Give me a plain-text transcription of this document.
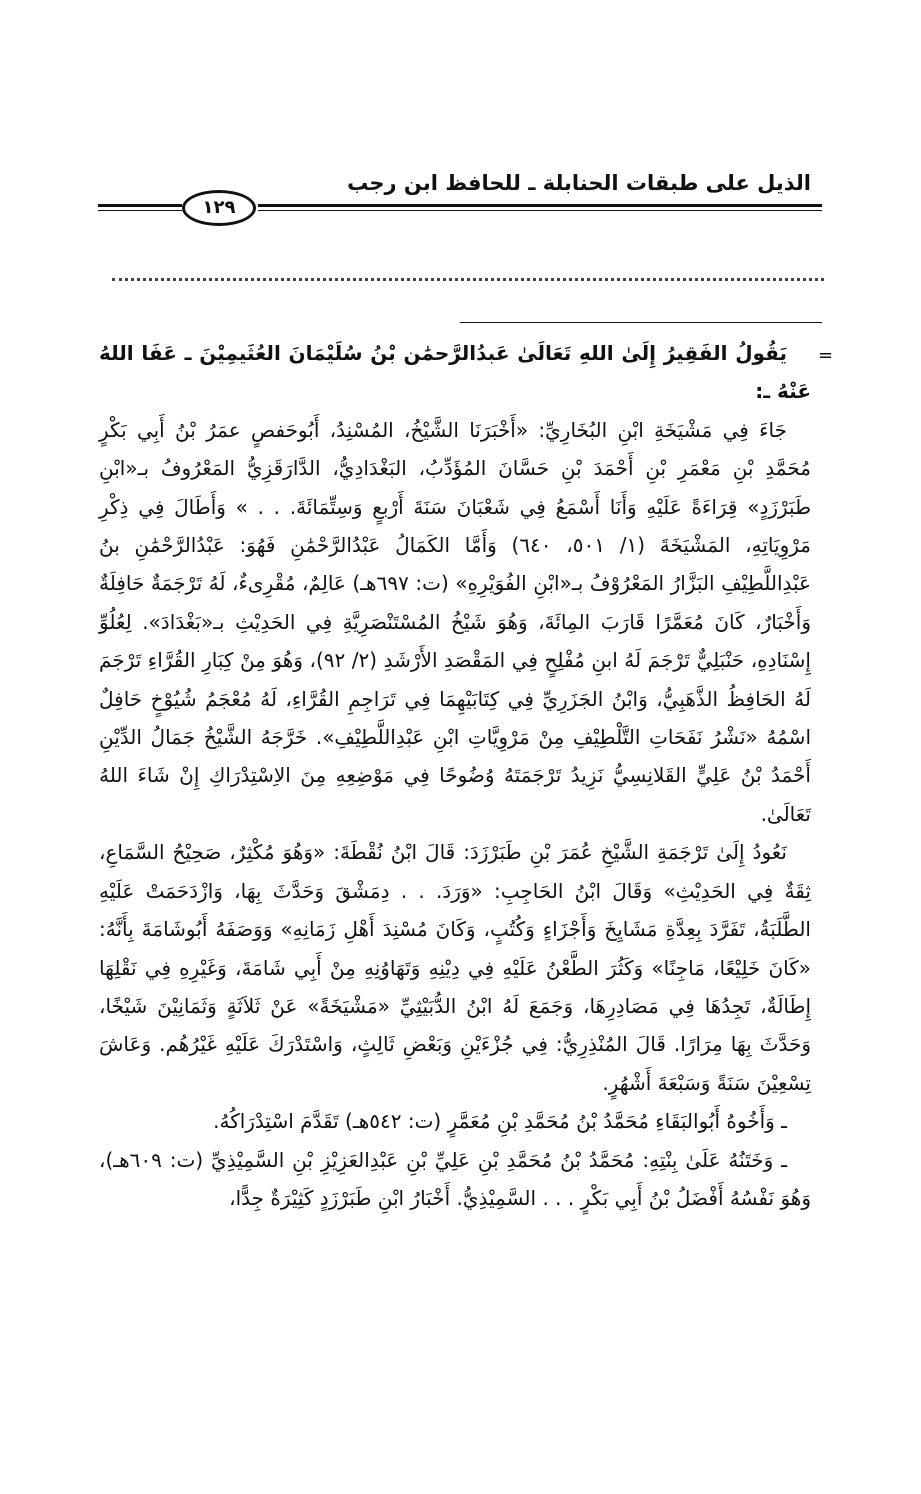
الذيل على طبقات الحنابلة ـ للحافظ ابن رجب
١٢٩
=

يَقُولُ الفَقِيرُ إِلَىٰ اللهِ تَعَالَىٰ عَبدُالرَّحمَٰن بْنُ سُلَيْمَانَ العُثَيمِيْنَ ـ عَفَا اللهُ عَنْهُ ـ:

جَاءَ فِي مَشْيَخَةِ ابْنِ البُخَارِيِّ: «أَخْبَرَنَا الشَّيْخُ، المُسْنِدُ، أَبُوحَفصٍ عمَرُ بْنُ أَبِي بَكْرٍ مُحَمَّدِ بْنِ مَعْمَرِ بْنِ أَحْمَدَ بْنِ حَسَّانَ المُؤَدِّبُ، البَغْدَادِيُّ، الدَّارَقَزِيُّ المَعْرُوفُ بـ«ابْنِ طَبَرْزَدٍ» قِرَاءَةً عَلَيْهِ وَأَنَا أَسْمَعُ فِي شَعْبَانَ سَنَةَ أَرْبعٍ وَسِتِّمَائَةَ. . . » وَأَطَالَ فِي ذِكْرِ مَرْوِيَاتِهِ، المَشْيَخَةَ (١/ ٥٠١، ٦٤٠) وَأَمَّا الكَمَالُ عَبْدُالرَّحْمَٰنِ فَهُوَ: عَبْدُالرَّحْمَٰنِ بنُ عَبْدِاللَّطِيْفِ البَزَّارُ المَعْرُوْفُ بـ«ابْنِ الفُوَيْرِهِ» (ت: ٦٩٧هـ) عَالِمٌ، مُقْرِىءٌ، لَهُ تَرْجَمَةٌ حَافِلَةٌ وَأَخْبَارٌ، كَانَ مُعَمَّرًا قَارَبَ المِائَةَ، وَهُوَ شَيْخُ المُسْتَنْصَرِيَّةِ فِي الحَدِيْثِ بـ«بَغْدَادَ». لِعُلُوِّ إِسْنَادِهِ، حَنْبَلِيٌّ تَرْجَمَ لَهُ ابنِ مُفْلِحٍ فِي المَقْصَدِ الأَرْشَدِ (٢/ ٩٢)، وَهُوَ مِنْ كِبَارِ القُرَّاءِ تَرْجَمَ لَهُ الحَافِظُ الذَّهَبِيُّ، وَابْنُ الجَزَرِيِّ فِي كِتَابَيْهِمَا فِي تَرَاجِمِ القُرَّاءِ، لَهُ مُعْجَمُ شُيُوْخٍ حَافِلٌ اسْمُهُ «نَشْرُ نَفَحَاتِ التَّلْطِيْفِ مِنْ مَرْوِيَّاتِ ابْنِ عَبْدِاللَّطِيْفِ». خَرَّجَهُ الشَّيْخُ جَمَالُ الدِّيْنِ أَحْمَدُ بْنُ عَلِيٍّ القَلانِسِيُّ نَزِيدُ تَرْجَمَتَهُ وُضُوحًا فِي مَوْضِعِهِ مِنَ الاِسْتِدْرَاكِ إِنْ شَاءَ اللهُ تَعَالَىٰ.

نَعُودُ إِلَىٰ تَرْجَمَةِ الشَّيْخِ عُمَرَ بْنِ طَبَرْزَدَ: قَالَ ابْنُ نُقْطَةَ: «وَهُوَ مُكْثِرٌ، صَحِيْحُ السَّمَاعِ، ثِقَةٌ فِي الحَدِيْثِ» وَقَالَ ابْنُ الحَاجِبِ: «وَرَدَ. . . دِمَشْقَ وَحَدَّثَ بِهَا، وَازْدَحَمَتْ عَلَيْهِ الطَّلَبَةُ، تَفَرَّدَ بِعِدَّةِ مَشَايِخَ وَأَجْزَاءٍ وَكُتُبٍ، وَكَانَ مُسْنِدَ أَهْلِ زَمَانِهِ» وَوَصَفَهُ أَبُوشَامَةَ بِأَنَّهُ: «كَانَ خَلِيْعًا، مَاجِنًا» وَكَثُرَ الطَّعْنُ عَلَيْهِ فِي دِيْنِهِ وَتَهَاوُنِهِ مِنْ أَبِي شَامَةَ، وَغَيْرِهِ فِي نَقْلِهَا إِطَالَةٌ، تَجِدُهَا فِي مَصَادِرِهَا، وَجَمَعَ لَهُ ابْنُ الدُّبَيْثِيِّ «مَشْيَخَةً» عَنْ ثَلاَثَةٍ وَثَمَانِيْنَ شَيْخًا، وَحَدَّثَ بِهَا مِرَارًا. قَالَ المُنْذِرِيُّ: فِي جُزْءَيْنِ وَبَعْضِ ثَالِثٍ، وَاسْتَدْرَكَ عَلَيْهِ غَيْرُهُم. وَعَاشَ تِسْعِيْنَ سَنَةً وَسَبْعَةَ أَشْهُرٍ.

ـ وَأَخُوهُ أَبُوالبَقَاءِ مُحَمَّدُ بْنُ مُحَمَّدِ بْنِ مُعَمَّرٍ (ت: ٥٤٢هـ) تَقَدَّمَ اسْتِدْرَاكُهُ.

ـ وَخَتَنُهُ عَلَىٰ بِنْتِهِ: مُحَمَّدُ بْنُ مُحَمَّدِ بْنِ عَلِيِّ بْنِ عَبْدِالعَزِيْزِ بْنِ السَّمِيْذِيِّ (ت: ٦٠٩هـ)، وَهُوَ نَفْسُهُ أَفْضَلُ بْنُ أَبِي بَكْرٍ . . . السَّمِيْذِيُّ. أَخْبَارُ ابْنِ طَبَرْزَدٍ كَثِيْرَةٌ جِدًّا،
